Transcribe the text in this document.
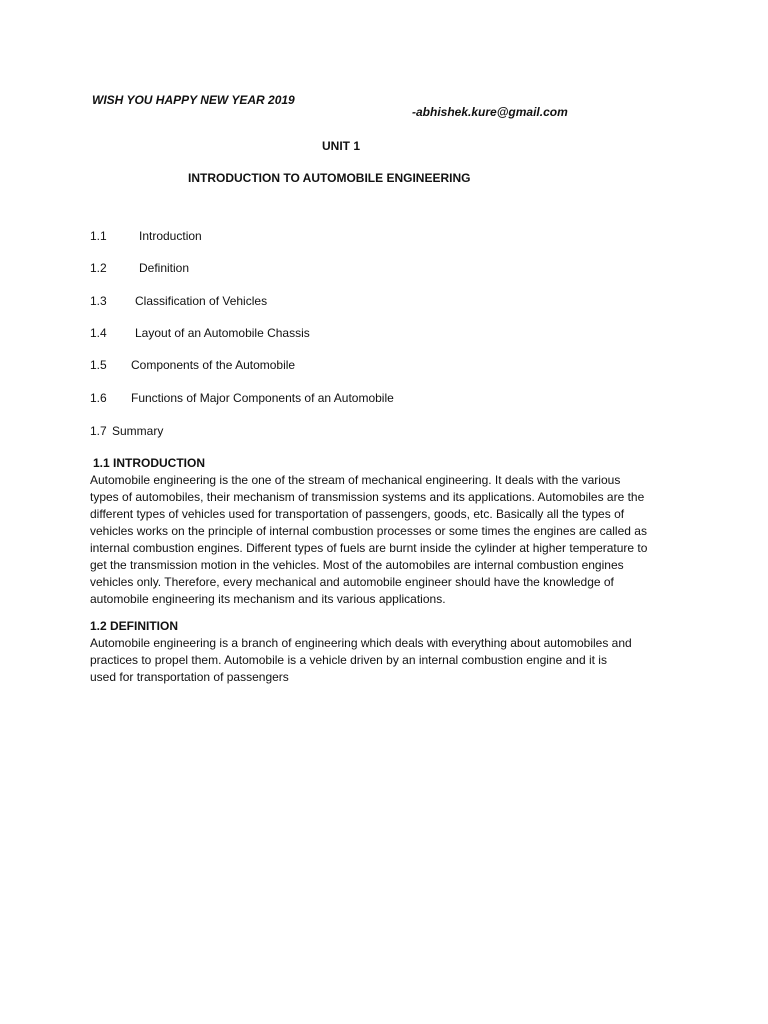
WISH YOU HAPPY NEW YEAR 2019
-abhishek.kure@gmail.com
UNIT 1
INTRODUCTION TO AUTOMOBILE ENGINEERING
1.1	Introduction
1.2	Definition
1.3 Classification of Vehicles
1.4 Layout of an Automobile Chassis
1.5 Components of the Automobile
1.6 Functions of Major Components of an Automobile
1.7 Summary
1.1 INTRODUCTION

Automobile engineering is the one of the stream of mechanical engineering. It deals with the various

types of automobiles, their mechanism of transmission systems and its applications. Automobiles are the

different types of vehicles used for transportation of passengers, goods, etc. Basically all the types of

vehicles works on the principle of internal combustion processes or some times the engines are called as

internal combustion engines. Different types of fuels are burnt inside the cylinder at higher temperature to

get the transmission motion in the vehicles. Most of the automobiles are internal combustion engines

vehicles only. Therefore, every mechanical and automobile engineer should have the knowledge of

automobile engineering its mechanism and its various applications.

1.2 DEFINITION

Automobile engineering is a branch of engineering which deals with everything about automobiles and

practices to propel them. Automobile is a vehicle driven by an internal combustion engine and it is

used for transportation of passengers
